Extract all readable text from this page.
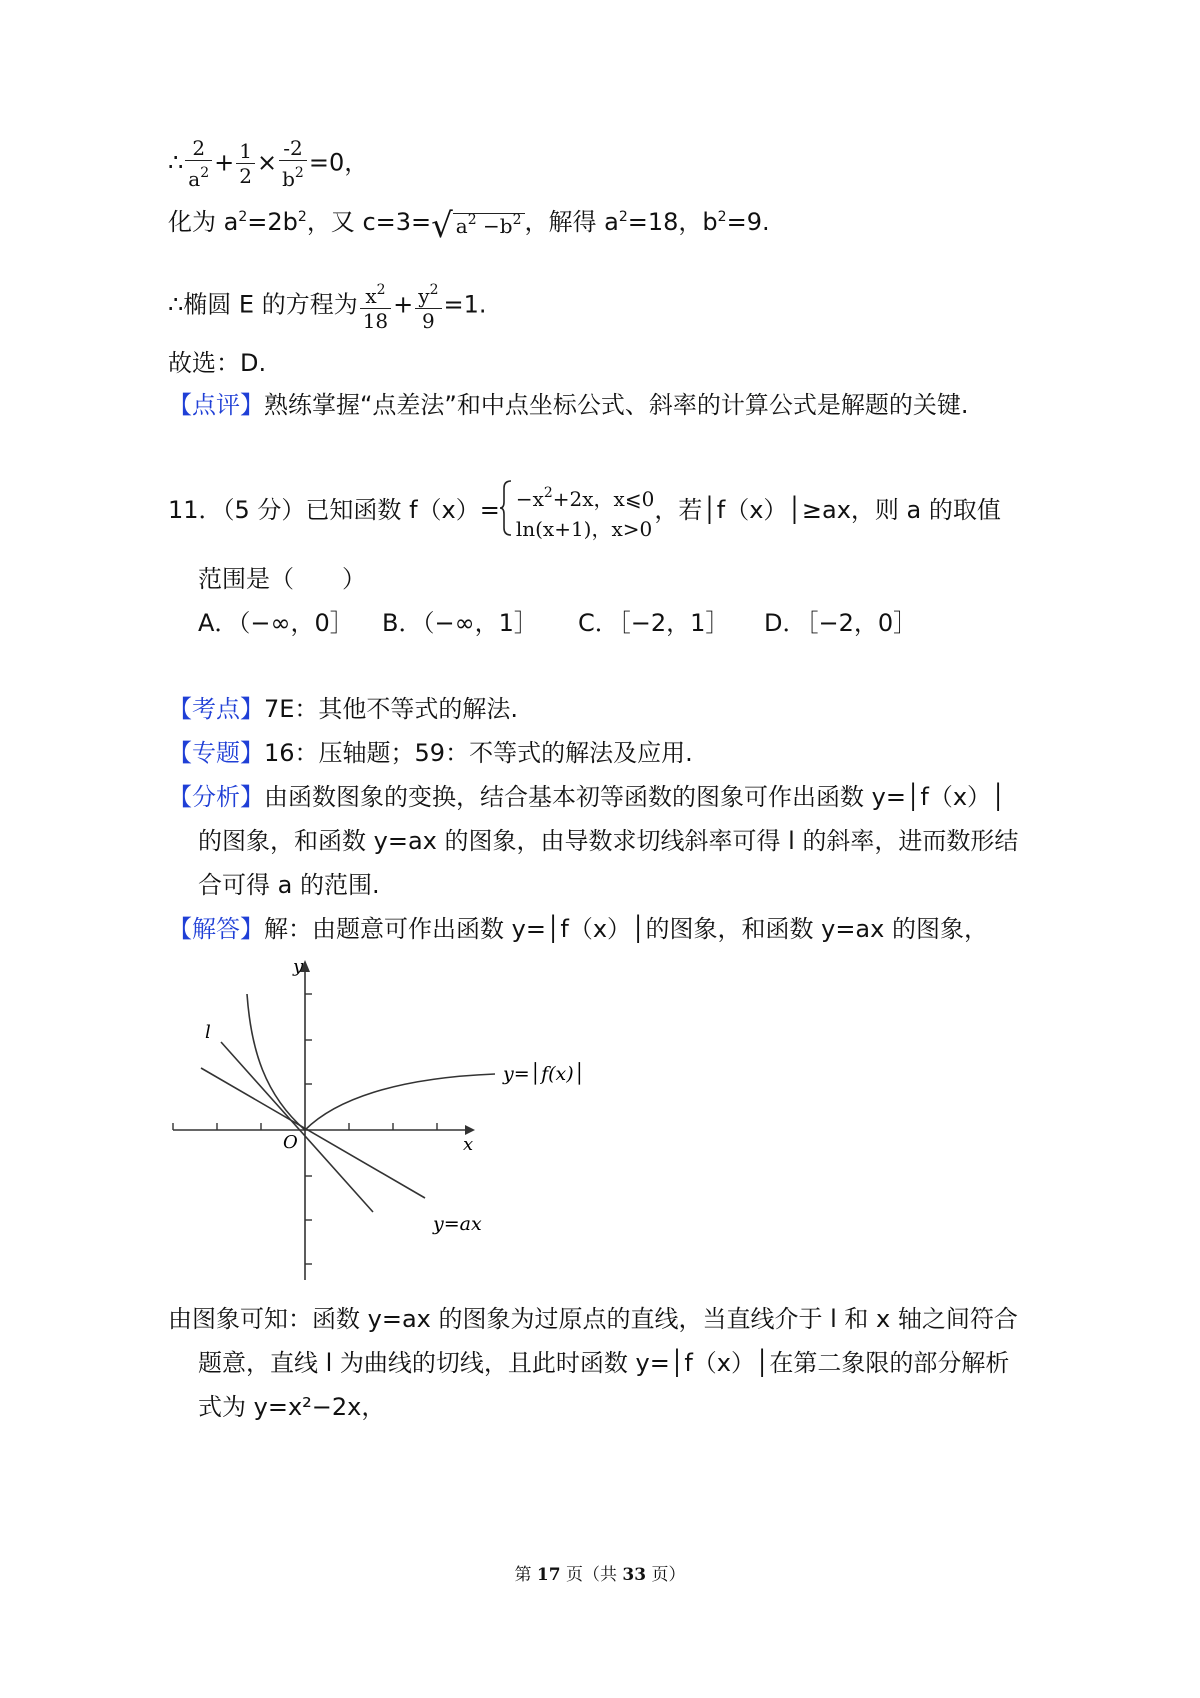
∴ $\frac{2}{a^2} + \frac{1}{2} \times \frac{-2}{b^2} =0$，
化为 $a^2=2b^2$，又 c=3=√ $a^2 -b^2$ ，解得 $a^2=18$，$b^2=9$.
∴椭圆 E 的方程为 $\frac{x^2}{18} + \frac{y^2}{9} =1$.
故选：D.
【点评】熟练掌握“点差法”和中点坐标公式、斜率的计算公式是解题的关键.
11．（5 分）已知函数 $f(x)= -x^2+2x$，x⩽0
ln(x+1)，x>0
，若│f（x）│≥ax，则 a 的取值
范围是（　　）
A．（﻿−∞，0］ B．（﻿−∞，1］ C．［﻿−2，1］ D．［﻿−2，0］
【考点】7E：其他不等式的解法.
【专题】16：压轴题；59：不等式的解法及应用.
【分析】由函数图象的变换，结合基本初等函数的图象可作出函数 y=│f（x）│
的图象，和函数 y=ax 的图象，由导数求切线斜率可得 l 的斜率，进而数形结
合可得 a 的范围.
【解答】解：由题意可作出函数 y=│f（x）│的图象，和函数 y=ax 的图象，
y
x
O
l
y=│f(x)│
y=ax
由图象可知：函数 y=ax 的图象为过原点的直线，当直线介于 l 和 x 轴之间符合
题意，直线 l 为曲线的切线，且此时函数 y=│f（x）│在第二象限的部分解析
式为 y=x²−2x，
第 17 页（共 33 页）
